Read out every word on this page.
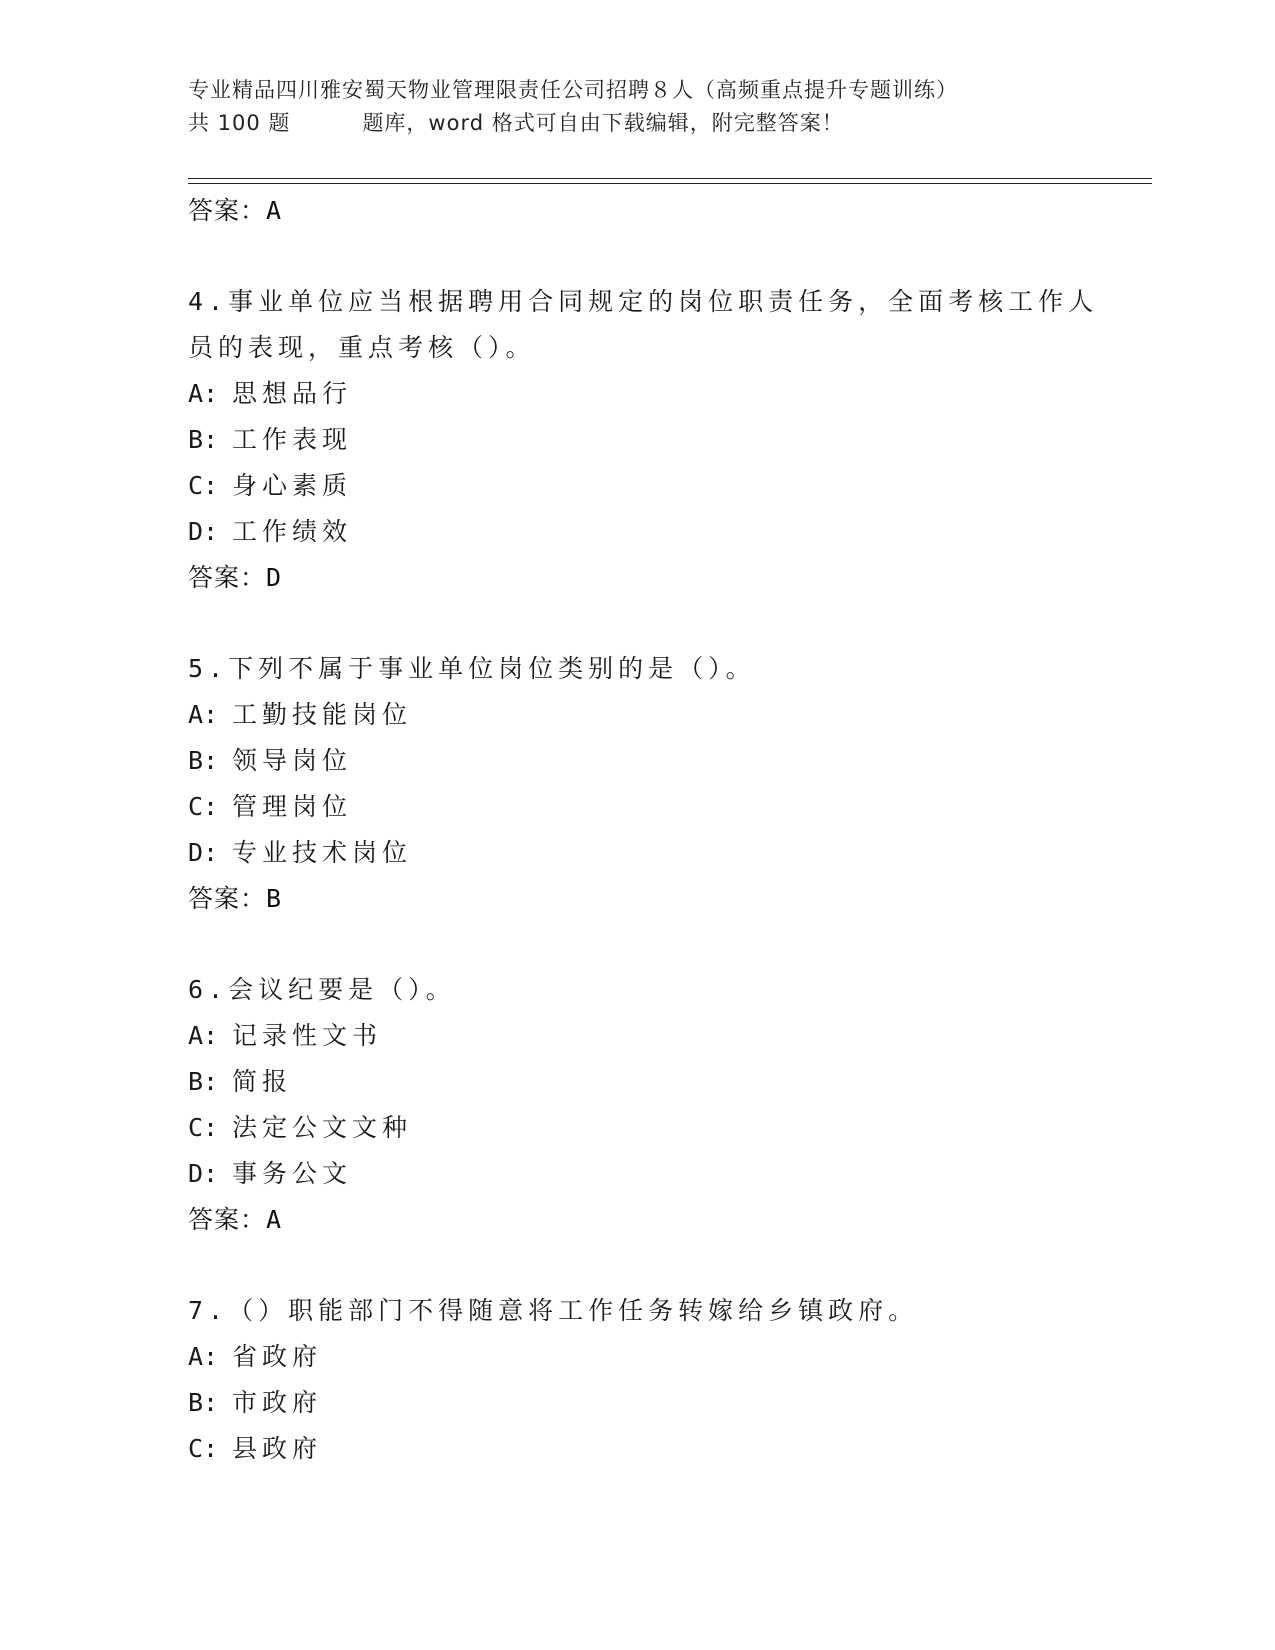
专业精品四川雅安蜀天物业管理限责任公司招聘８人（高频重点提升专题训练）
共 100 题	题库，word 格式可自由下载编辑，附完整答案！
答案：A
4.事业单位应当根据聘用合同规定的岗位职责任务，全面考核工作人
员的表现，重点考核（）。
A: 思想品行
B: 工作表现
C: 身心素质
D: 工作绩效
答案：D
5.下列不属于事业单位岗位类别的是（）。
A: 工勤技能岗位
B: 领导岗位
C: 管理岗位
D: 专业技术岗位
答案：B
6.会议纪要是（）。
A: 记录性文书
B: 简报
C: 法定公文文种
D: 事务公文
答案：A
7.（）职能部门不得随意将工作任务转嫁给乡镇政府。
A: 省政府
B: 市政府
C: 县政府
